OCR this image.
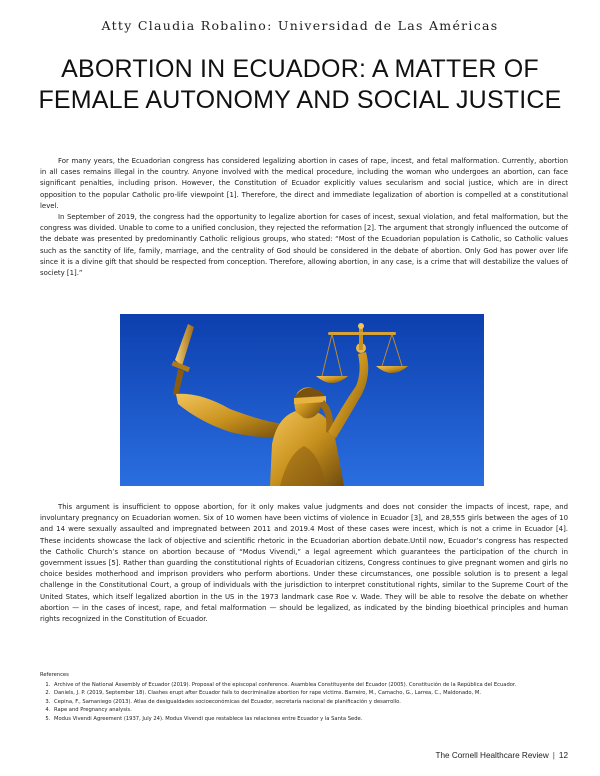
Atty Claudia Robalino: Universidad de Las Américas
ABORTION IN ECUADOR: A MATTER OF FEMALE AUTONOMY AND SOCIAL JUSTICE

For many years, the Ecuadorian congress has considered legalizing abortion in cases of rape, incest, and fetal malformation. Currently, abortion in all cases remains illegal in the country. Anyone involved with the medical procedure, including the woman who undergoes an abortion, can face significant penalties, including prison. However, the Constitution of Ecuador explicitly values secularism and social justice, which are in direct opposition to the popular Catholic pro-life viewpoint [1]. Therefore, the direct and immediate legalization of abortion is compelled at a constitutional level.

In September of 2019, the congress had the opportunity to legalize abortion for cases of incest, sexual violation, and fetal malformation, but the congress was divided. Unable to come to a unified conclusion, they rejected the reformation [2]. The argument that strongly influenced the outcome of the debate was presented by predominantly Catholic religious groups, who stated: “Most of the Ecuadorian population is Catholic, so Catholic values such as the sanctity of life, family, marriage, and the centrality of God should be considered in the debate of abortion. Only God has power over life since it is a divine gift that should be respected from conception. Therefore, allowing abortion, in any case, is a crime that will destabilize the values of society [1].”

This argument is insufficient to oppose abortion, for it only makes value judgments and does not consider the impacts of incest, rape, and involuntary pregnancy on Ecuadorian women. Six of 10 women have been victims of violence in Ecuador [3], and 28,555 girls between the ages of 10 and 14 were sexually assaulted and impregnated between 2011 and 2019.4 Most of these cases were incest, which is not a crime in Ecuador [4]. These incidents showcase the lack of objective and scientific rhetoric in the Ecuadorian abortion debate.Until now, Ecuador’s congress has respected the Catholic Church’s stance on abortion because of “Modus Vivendi,” a legal agreement which guarantees the participation of the church in government issues [5]. Rather than guarding the constitutional rights of Ecuadorian citizens, Congress continues to give pregnant women and girls no choice besides motherhood and imprison providers who perform abortions. Under these circumstances, one possible solution is to present a legal challenge in the Constitutional Court, a group of individuals with the jurisdiction to interpret constitutional rights, similar to the Supreme Court of the United States, which itself legalized abortion in the US in the 1973 landmark case Roe v. Wade. They will be able to resolve the debate on whether abortion — in the cases of incest, rape, and fetal malformation — should be legalized, as indicated by the binding bioethical principles and human rights recognized in the Constitution of Ecuador.

References
1. Archive of the National Assembly of Ecuador (2019). Proposal of the episcopal conference. Asamblea Constituyente del Ecuador (2005). Constitución de la República del Ecuador.
2. Daniels, J. P. (2019, September 18). Clashes erupt after Ecuador fails to decriminalize abortion for rape victims. Barreiro, M., Camacho, G., Larrea, C., Maldonado, M.
3. Cepina, F., Samaniego (2013). Atlas de desigualdades socioeconómicas del Ecuador, secretaría nacional de planificación y desarrollo.
4. Rape and Pregnancy analysis.
5. Modus Vivendi Agreement (1937, July 24). Modus Vivendi que restablece las relaciones entre Ecuador y la Santa Sede.
The Cornell Healthcare Review | 12
